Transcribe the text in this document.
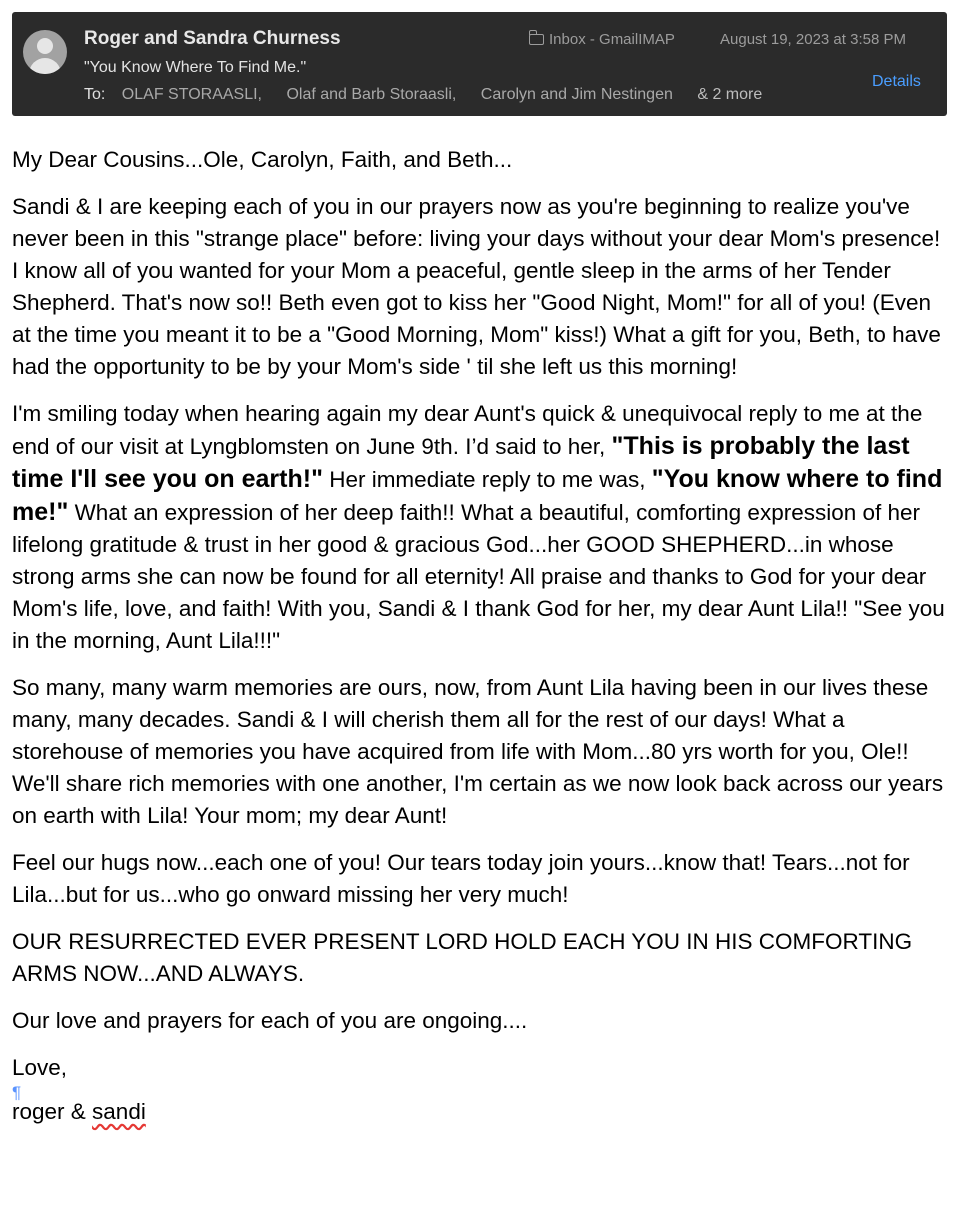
Roger and Sandra Churness
"You Know Where To Find Me."
To: OLAF STORAASLI, Olaf and Barb Storaasli, Carolyn and Jim Nestingen & 2 more
Inbox - GmailIMAP	August 19, 2023 at 3:58 PM
Details

My Dear Cousins...Ole, Carolyn, Faith, and Beth...

Sandi & I are keeping each of you in our prayers now as you're beginning to realize you've never been in this "strange place" before: living your days without your dear Mom's presence! I know all of you wanted for your Mom a peaceful, gentle sleep in the arms of her Tender Shepherd. That's now so!! Beth even got to kiss her "Good Night, Mom!" for all of you! (Even at the time you meant it to be a "Good Morning, Mom" kiss!) What a gift for you, Beth, to have had the opportunity to be by your Mom's side ' til she left us this morning!

I'm smiling today when hearing again my dear Aunt's quick & unequivocal reply to me at the end of our visit at Lyngblomsten on June 9th. I’d said to her, "This is probably the last time I'll see you on earth!" Her immediate reply to me was, "You know where to find me!" What an expression of her deep faith!! What a beautiful, comforting expression of her lifelong gratitude & trust in her good & gracious God...her GOOD SHEPHERD...in whose strong arms she can now be found for all eternity! All praise and thanks to God for your dear Mom's life, love, and faith! With you, Sandi & I thank God for her, my dear Aunt Lila!! "See you in the morning, Aunt Lila!!!"

So many, many warm memories are ours, now, from Aunt Lila having been in our lives these many, many decades. Sandi & I will cherish them all for the rest of our days! What a storehouse of memories you have acquired from life with Mom...80 yrs worth for you, Ole!! We'll share rich memories with one another, I'm certain as we now look back across our years on earth with Lila! Your mom; my dear Aunt!

Feel our hugs now...each one of you! Our tears today join yours...know that! Tears...not for Lila...but for us...who go onward missing her very much!

OUR RESURRECTED EVER PRESENT LORD HOLD EACH YOU IN HIS COMFORTING ARMS NOW...AND ALWAYS.

Our love and prayers for each of you are ongoing....

Love,
¶
roger & sandi
